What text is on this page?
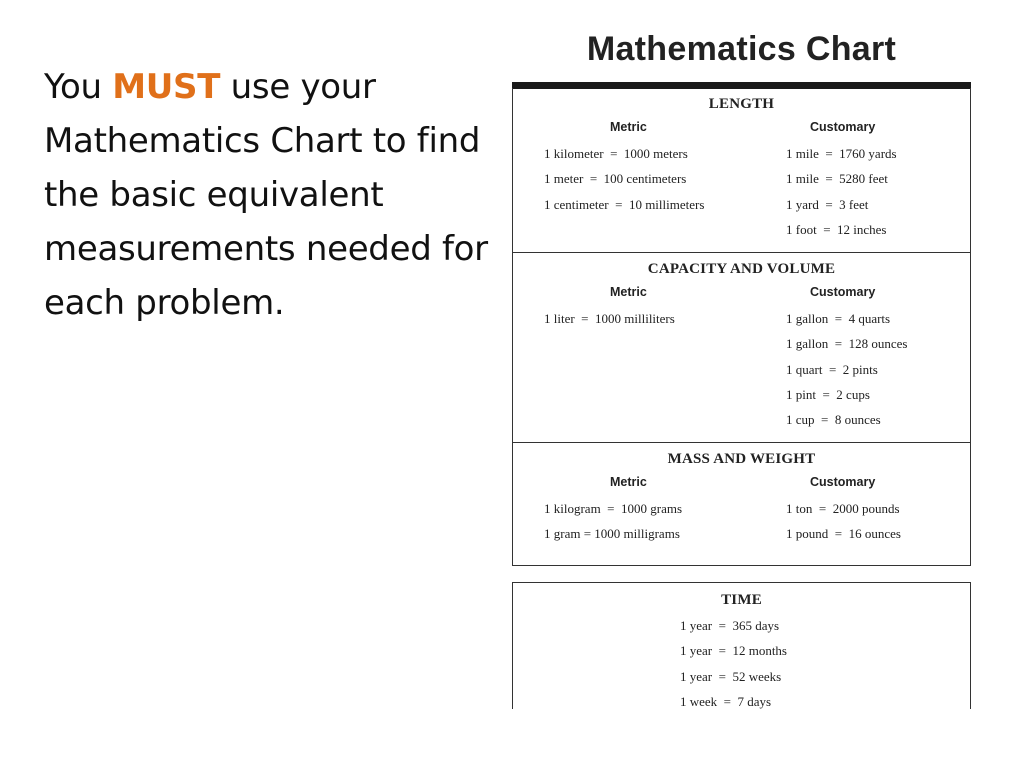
You MUST use your Mathematics Chart to find the basic equivalent measurements needed for each problem.
Mathematics Chart
LENGTH
Metric
1 kilometer  =  1000 meters
1 meter  =  100 centimeters
1 centimeter  =  10 millimeters
Customary
1 mile  =  1760 yards
1 mile  =  5280 feet
1 yard  =  3 feet
1 foot  =  12 inches
CAPACITY AND VOLUME
Metric
1 liter  =  1000 milliliters
Customary
1 gallon  =  4 quarts
1 gallon  =  128 ounces
1 quart  =  2 pints
1 pint  =  2 cups
1 cup  =  8 ounces
MASS AND WEIGHT
Metric
1 kilogram  =  1000 grams
1 gram = 1000 milligrams
Customary
1 ton  =  2000 pounds
1 pound  =  16 ounces
TIME
1 year  =  365 days
1 year  =  12 months
1 year  =  52 weeks
1 week  =  7 days
